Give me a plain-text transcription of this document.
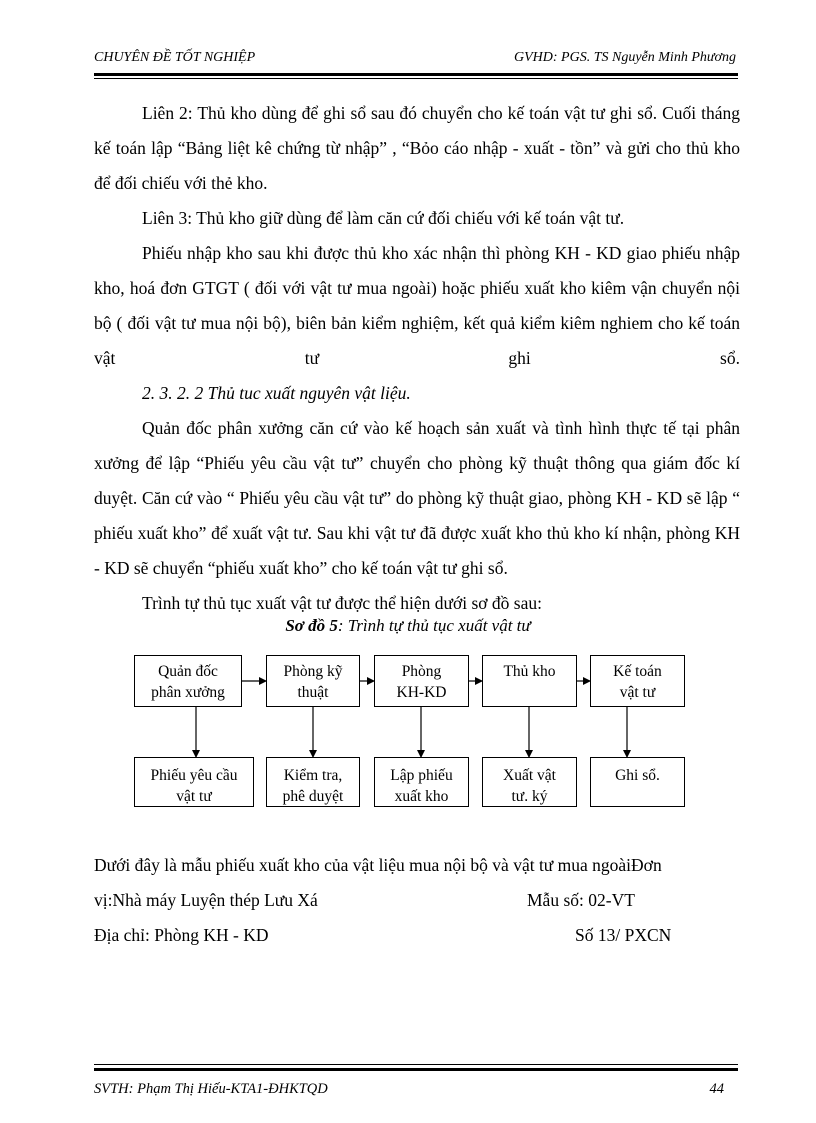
CHUYÊN ĐỀ TỐT NGHIỆP	GVHD: PGS. TS Nguyễn Minh Phương
Liên 2: Thủ kho dùng để ghi sổ sau đó chuyển cho kế toán vật tư ghi sổ. Cuối tháng kế toán lập “Bảng liệt kê chứng từ nhập” , “Bỏo cáo nhập - xuất - tồn” và gửi cho thủ kho để đối chiếu với thẻ kho.
Liên 3: Thủ kho giữ dùng để làm căn cứ đối chiếu với kế toán vật tư.
Phiếu nhập kho sau khi được thủ kho xác nhận thì phòng KH - KD giao phiếu nhập kho, hoá đơn GTGT ( đối với vật tư mua ngoài) hoặc phiếu xuất kho kiêm vận chuyển nội bộ ( đối vật tư mua nội bộ), biên bản kiểm nghiệm, kết quả kiểm kiêm nghiem cho kế toán vật tư ghi sổ.
2. 3. 2. 2 Thủ tuc xuất nguyên vật liệu.
Quản đốc phân xưởng căn cứ vào kế hoạch sản xuất và tình hình thực tế tại phân xưởng để lập “Phiếu yêu cầu vật tư” chuyển cho phòng kỹ thuật thông qua giám đốc kí duyệt. Căn cứ vào “ Phiếu yêu cầu vật tư” do phòng kỹ thuật giao, phòng KH - KD sẽ lập “ phiếu xuất kho” để xuất vật tư. Sau khi vật tư đã được xuất kho thủ kho kí nhận, phòng KH - KD sẽ chuyển “phiếu xuất kho” cho kế toán vật tư ghi sổ.
Trình tự thủ tục xuất vật tư được thể hiện dưới sơ đồ sau:
Sơ đồ 5: Trình tự thủ tục xuất vật tư
Quản đốc
phân xưởng
Phòng kỹ
thuật
Phòng
KH-KD
Thủ kho	Kế toán
vật tư
Phiếu yêu cầu
vật tư
Kiểm tra,
phê duyệt
Lập phiếu
xuất kho
Xuất vật
tư. ký
Ghi sổ.
Dưới đây là mẫu phiếu xuất kho của vật liệu mua nội bộ và vật tư mua ngoàiĐơn
vị:Nhà máy Luyện thép Lưu Xá	Mẫu số: 02-VT
Địa chỉ: Phòng KH - KD	Số 13/ PXCN
SVTH: Phạm Thị Hiếu-KTA1-ĐHKTQD	44
